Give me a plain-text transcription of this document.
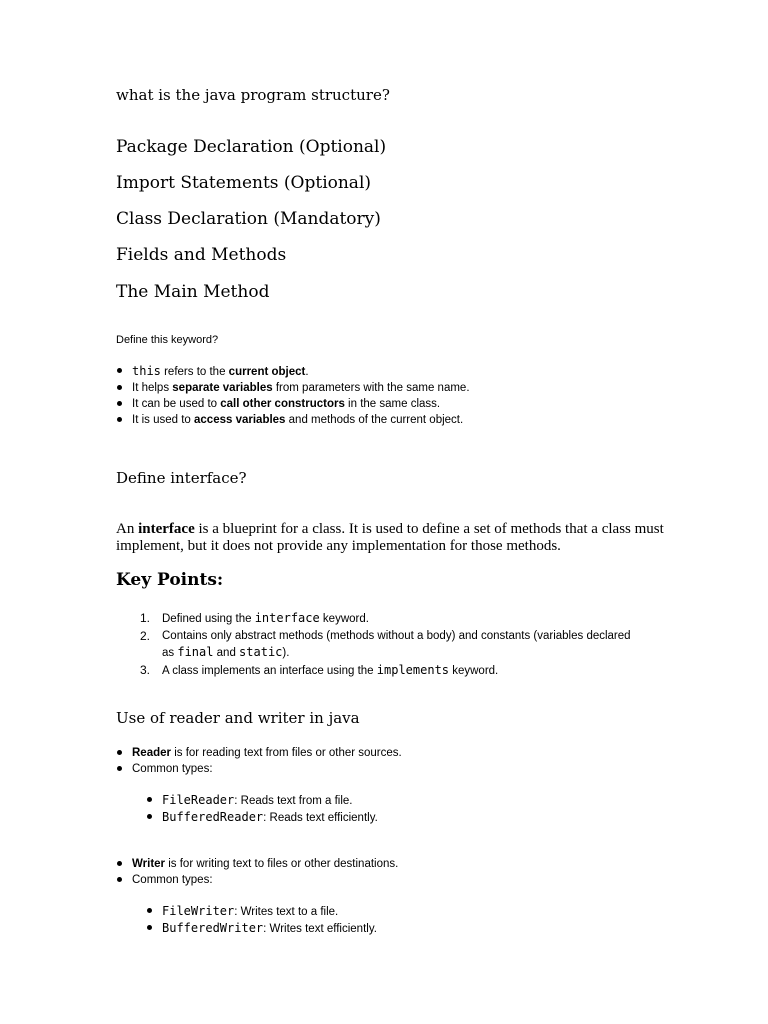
what is the java program structure?

Package Declaration (Optional)

Import Statements (Optional)

Class Declaration (Mandatory)

Fields and Methods

The Main Method

Define this keyword?

this refers to the current object.
It helps separate variables from parameters with the same name.
It can be used to call other constructors in the same class.
It is used to access variables and methods of the current object.

Define interface?

An interface is a blueprint for a class. It is used to define a set of methods that a class must implement, but it does not provide any implementation for those methods.

Key Points:

1. Defined using the interface keyword.
2. Contains only abstract methods (methods without a body) and constants (variables declared
as final and static).
3. A class implements an interface using the implements keyword.

Use of reader and writer in java

Reader is for reading text from files or other sources.
Common types:
FileReader: Reads text from a file.
BufferedReader: Reads text efficiently.
Writer is for writing text to files or other destinations.
Common types:
FileWriter: Writes text to a file.
BufferedWriter: Writes text efficiently.
